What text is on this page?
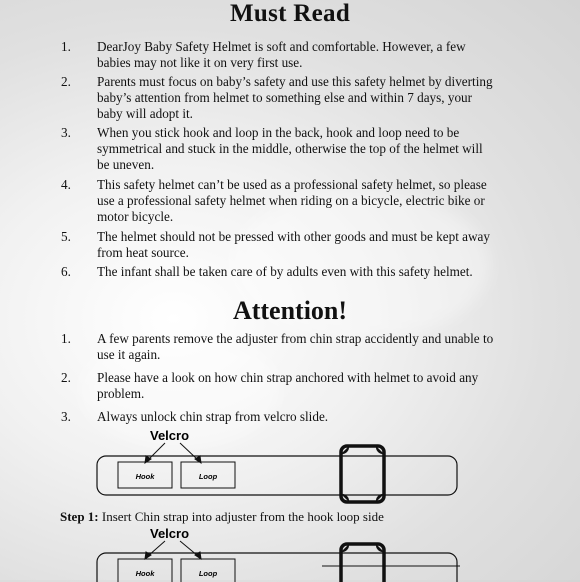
Must Read
1. DearJoy Baby Safety Helmet is soft and comfortable. However, a few babies may not like it on very first use.
2. Parents must focus on baby’s safety and use this safety helmet by diverting baby’s attention from helmet to something else and within 7 days, your baby will adopt it.
3. When you stick hook and loop in the back, hook and loop need to be symmetrical and stuck in the middle, otherwise the top of the helmet will be uneven.
4. This safety helmet can’t be used as a professional safety helmet, so please use a professional safety helmet when riding on a bicycle, electric bike or motor bicycle.
5. The helmet should not be pressed with other goods and must be kept away from heat source.
6. The infant shall be taken care of by adults even with this safety helmet.
Attention!
1. A few parents remove the adjuster from chin strap accidently and unable to use it again.
2. Please have a look on how chin strap anchored with helmet to avoid any problem.
3. Always unlock chin strap from velcro slide.
Velcro
Hook	Loop
Step 1: Insert Chin strap into adjuster from the hook loop side
Velcro
Hook	Loop
